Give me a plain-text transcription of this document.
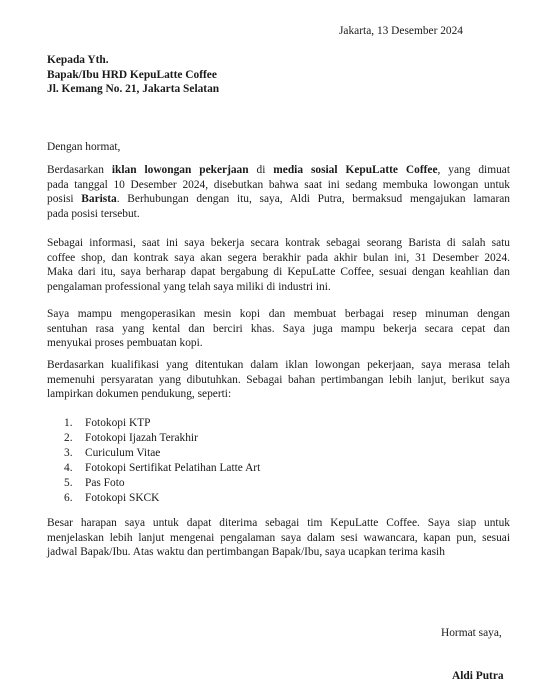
Jakarta, 13 Desember 2024
Kepada Yth.
Bapak/Ibu HRD KepuLatte Coffee
Jl. Kemang No. 21, Jakarta Selatan
Dengan hormat,
Berdasarkan iklan lowongan pekerjaan di media sosial KepuLatte Coffee, yang dimuat
pada tanggal 10 Desember 2024, disebutkan bahwa saat ini sedang membuka lowongan untuk
posisi Barista. Berhubungan dengan itu, saya, Aldi Putra, bermaksud mengajukan lamaran
pada posisi tersebut.
Sebagai informasi, saat ini saya bekerja secara kontrak sebagai seorang Barista di salah satu
coffee shop, dan kontrak saya akan segera berakhir pada akhir bulan ini, 31 Desember 2024.
Maka dari itu, saya berharap dapat bergabung di KepuLatte Coffee, sesuai dengan keahlian dan
pengalaman professional yang telah saya miliki di industri ini.
Saya mampu mengoperasikan mesin kopi dan membuat berbagai resep minuman dengan
sentuhan rasa yang kental dan berciri khas. Saya juga mampu bekerja secara cepat dan
menyukai proses pembuatan kopi.
Berdasarkan kualifikasi yang ditentukan dalam iklan lowongan pekerjaan, saya merasa telah
memenuhi persyaratan yang dibutuhkan. Sebagai bahan pertimbangan lebih lanjut, berikut saya
lampirkan dokumen pendukung, seperti:
1. Fotokopi KTP
2. Fotokopi Ijazah Terakhir
3. Curiculum Vitae
4. Fotokopi Sertifikat Pelatihan Latte Art
5. Pas Foto
6. Fotokopi SKCK
Besar harapan saya untuk dapat diterima sebagai tim KepuLatte Coffee. Saya siap untuk
menjelaskan lebih lanjut mengenai pengalaman saya dalam sesi wawancara, kapan pun, sesuai
jadwal Bapak/Ibu. Atas waktu dan pertimbangan Bapak/Ibu, saya ucapkan terima kasih
Hormat saya,
Aldi Putra
